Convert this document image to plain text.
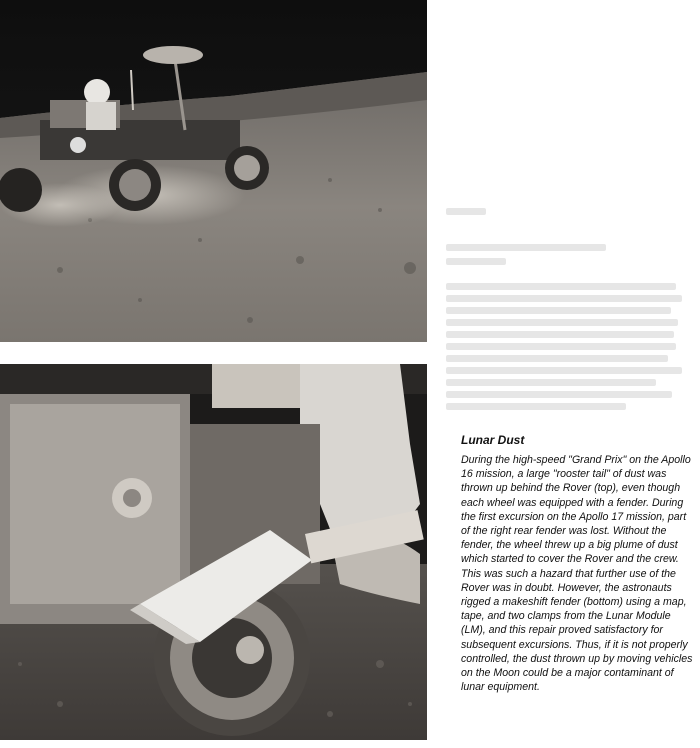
Lunar Dust

During the high-speed "Grand Prix" on the Apollo 16 mission, a large "rooster tail" of dust was thrown up behind the Rover (top), even though each wheel was equipped with a fender. During the first excursion on the Apollo 17 mission, part of the right rear fender was lost. Without the fender, the wheel threw up a big plume of dust which started to cover the Rover and the crew. This was such a hazard that further use of the Rover was in doubt. However, the astronauts rigged a makeshift fender (bottom) using a map, tape, and two clamps from the Lunar Module (LM), and this repair proved satisfactory for subsequent excursions. Thus, if it is not properly controlled, the dust thrown up by moving vehicles on the Moon could be a major contaminant of lunar equipment.
